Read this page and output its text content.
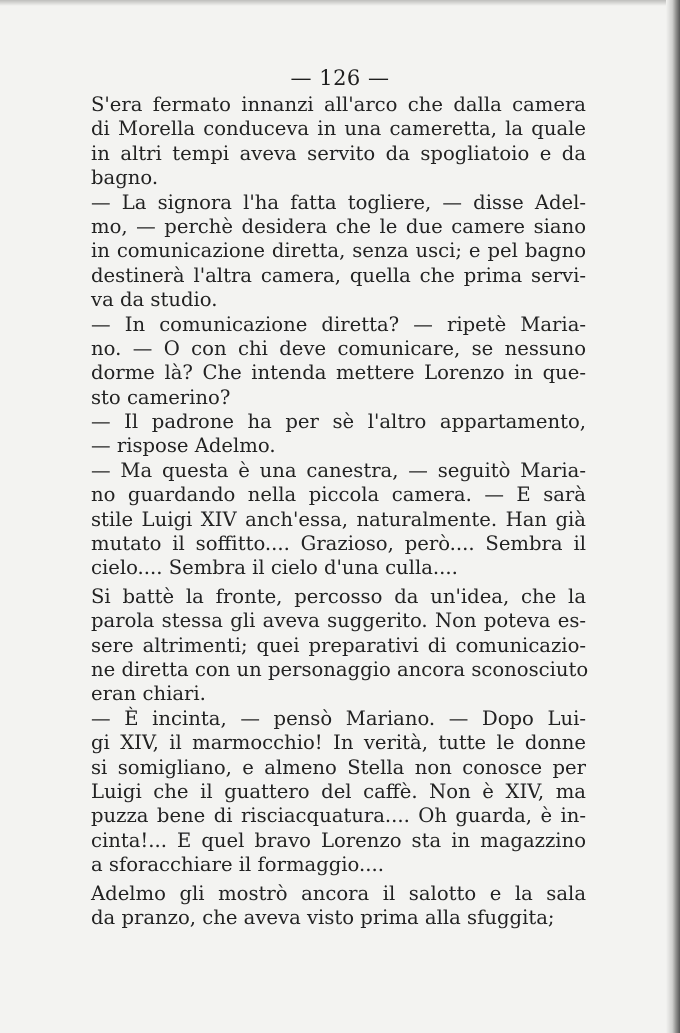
— 126 —
S'era fermato innanzi all'arco che dalla camera
di Morella conduceva in una cameretta, la quale
in altri tempi aveva servito da spogliatoio e da
bagno.
— La signora l'ha fatta togliere, — disse Adel-
mo, — perchè desidera che le due camere siano
in comunicazione diretta, senza usci; e pel bagno
destinerà l'altra camera, quella che prima servi-
va da studio.
— In comunicazione diretta? — ripetè Maria-
no. — O con chi deve comunicare, se nessuno
dorme là? Che intenda mettere Lorenzo in que-
sto camerino?
— Il padrone ha per sè l'altro appartamento,
— rispose Adelmo.
— Ma questa è una canestra, — seguitò Maria-
no guardando nella piccola camera. — E sarà
stile Luigi XIV anch'essa, naturalmente. Han già
mutato il soffitto.... Grazioso, però.... Sembra il
cielo.... Sembra il cielo d'una culla....
Si battè la fronte, percosso da un'idea, che la
parola stessa gli aveva suggerito. Non poteva es-
sere altrimenti; quei preparativi di comunicazio-
ne diretta con un personaggio ancora sconosciuto
eran chiari.
— È incinta, — pensò Mariano. — Dopo Lui-
gi XIV, il marmocchio! In verità, tutte le donne
si somigliano, e almeno Stella non conosce per
Luigi che il guattero del caffè. Non è XIV, ma
puzza bene di risciacquatura.... Oh guarda, è in-
cinta!... E quel bravo Lorenzo sta in magazzino
a sforacchiare il formaggio....
Adelmo gli mostrò ancora il salotto e la sala
da pranzo, che aveva visto prima alla sfuggita;
